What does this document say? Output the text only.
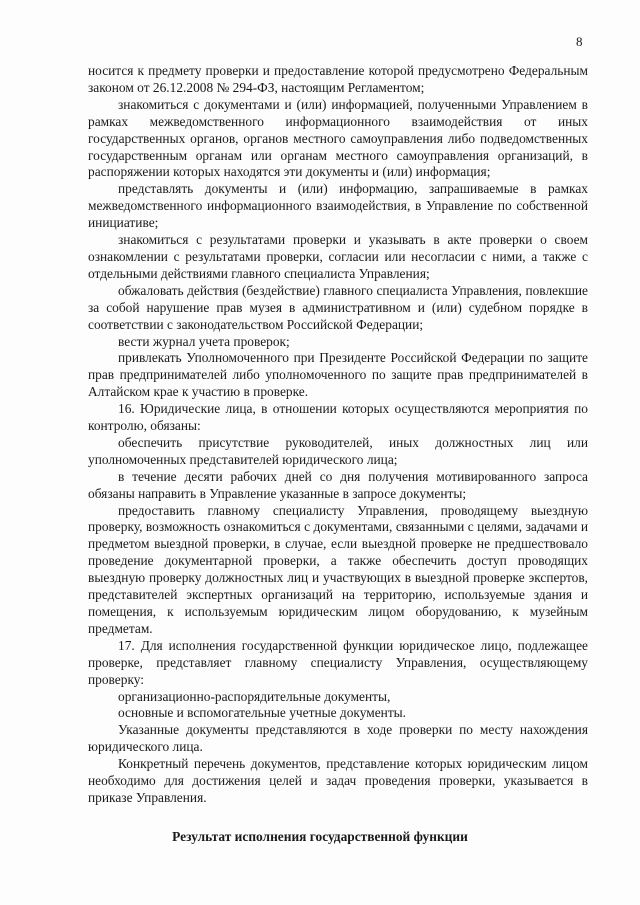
8

носится к предмету проверки и предоставление которой предусмотрено Федеральным законом от 26.12.2008 № 294-ФЗ, настоящим Регламентом;

знакомиться с документами и (или) информацией, полученными Управлением в рамках межведомственного информационного взаимодействия от иных государственных органов, органов местного самоуправления либо подведомственных государственным органам или органам местного самоуправления организаций, в распоряжении которых находятся эти документы и (или) информация;

представлять документы и (или) информацию, запрашиваемые в рамках межведомственного информационного взаимодействия, в Управление по собственной инициативе;

знакомиться с результатами проверки и указывать в акте проверки о своем ознакомлении с результатами проверки, согласии или несогласии с ними, а также с отдельными действиями главного специалиста Управления;

обжаловать действия (бездействие) главного специалиста Управления, повлекшие за собой нарушение прав музея в административном и (или) судебном порядке в соответствии с законодательством Российской Федерации;

вести журнал учета проверок;

привлекать Уполномоченного при Президенте Российской Федерации по защите прав предпринимателей либо уполномоченного по защите прав предпринимателей в Алтайском крае к участию в проверке.

16. Юридические лица, в отношении которых осуществляются мероприятия по контролю, обязаны:

обеспечить присутствие руководителей, иных должностных лиц или уполномоченных представителей юридического лица;

в течение десяти рабочих дней со дня получения мотивированного запроса обязаны направить в Управление указанные в запросе документы;

предоставить главному специалисту Управления, проводящему выездную проверку, возможность ознакомиться с документами, связанными с целями, задачами и предметом выездной проверки, в случае, если выездной проверке не предшествовало проведение документарной проверки, а также обеспечить доступ проводящих выездную проверку должностных лиц и участвующих в выездной проверке экспертов, представителей экспертных организаций на территорию, используемые здания и помещения, к используемым юридическим лицом оборудованию, к музейным предметам.

17. Для исполнения государственной функции юридическое лицо, подлежащее проверке, представляет главному специалисту Управления, осуществляющему проверку:

организационно-распорядительные документы,

основные и вспомогательные учетные документы.

Указанные документы представляются в ходе проверки по месту нахождения юридического лица.

Конкретный перечень документов, представление которых юридическим лицом необходимо для достижения целей и задач проведения проверки, указывается в приказе Управления.

Результат исполнения государственной функции
